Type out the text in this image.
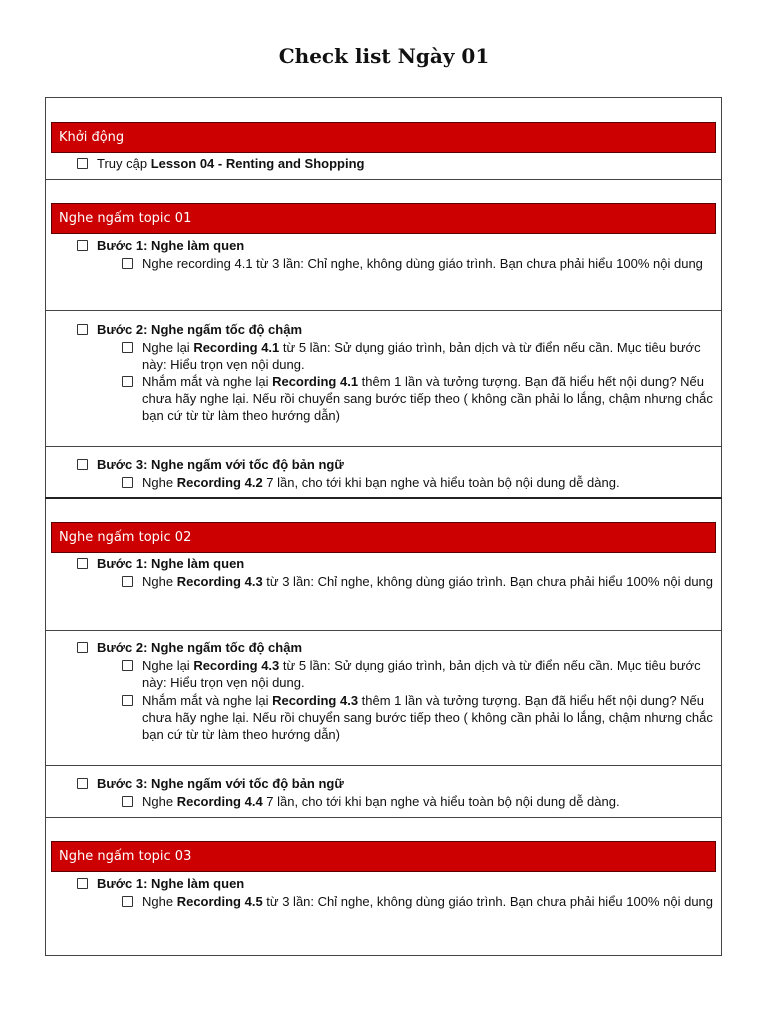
Check list Ngày 01
Khởi động
Truy cập Lesson 04 - Renting and Shopping
Nghe ngấm topic 01
Bước 1: Nghe làm quen
Nghe recording 4.1 từ 3 lần: Chỉ nghe, không dùng giáo trình. Bạn chưa phải hiểu 100% nội dung
Bước 2: Nghe ngấm tốc độ chậm
Nghe lại Recording 4.1 từ 5 lần: Sử dụng giáo trình, bản dịch và từ điển nếu cần. Mục tiêu bước này: Hiểu trọn vẹn nội dung.
Nhắm mắt và nghe lại Recording 4.1 thêm 1 lần và tưởng tượng. Bạn đã hiểu hết nội dung? Nếu chưa hãy nghe lại. Nếu rồi chuyển sang bước tiếp theo ( không cần phải lo lắng, chậm nhưng chắc bạn cứ từ từ làm theo hướng dẫn)
Bước 3: Nghe ngấm với tốc độ bản ngữ
Nghe Recording 4.2 7 lần, cho tới khi bạn nghe và hiểu toàn bộ nội dung dễ dàng.
Nghe ngấm topic 02
Bước 1: Nghe làm quen
Nghe Recording 4.3 từ 3 lần: Chỉ nghe, không dùng giáo trình. Bạn chưa phải hiểu 100% nội dung
Bước 2: Nghe ngấm tốc độ chậm
Nghe lại Recording 4.3 từ 5 lần: Sử dụng giáo trình, bản dịch và từ điển nếu cần. Mục tiêu bước này: Hiểu trọn vẹn nội dung.
Nhắm mắt và nghe lại Recording 4.3 thêm 1 lần và tưởng tượng. Bạn đã hiểu hết nội dung? Nếu chưa hãy nghe lại. Nếu rồi chuyển sang bước tiếp theo ( không cần phải lo lắng, chậm nhưng chắc bạn cứ từ từ làm theo hướng dẫn)
Bước 3: Nghe ngấm với tốc độ bản ngữ
Nghe Recording 4.4 7 lần, cho tới khi bạn nghe và hiểu toàn bộ nội dung dễ dàng.
Nghe ngấm topic 03
Bước 1: Nghe làm quen
Nghe Recording 4.5 từ 3 lần: Chỉ nghe, không dùng giáo trình. Bạn chưa phải hiểu 100% nội dung
